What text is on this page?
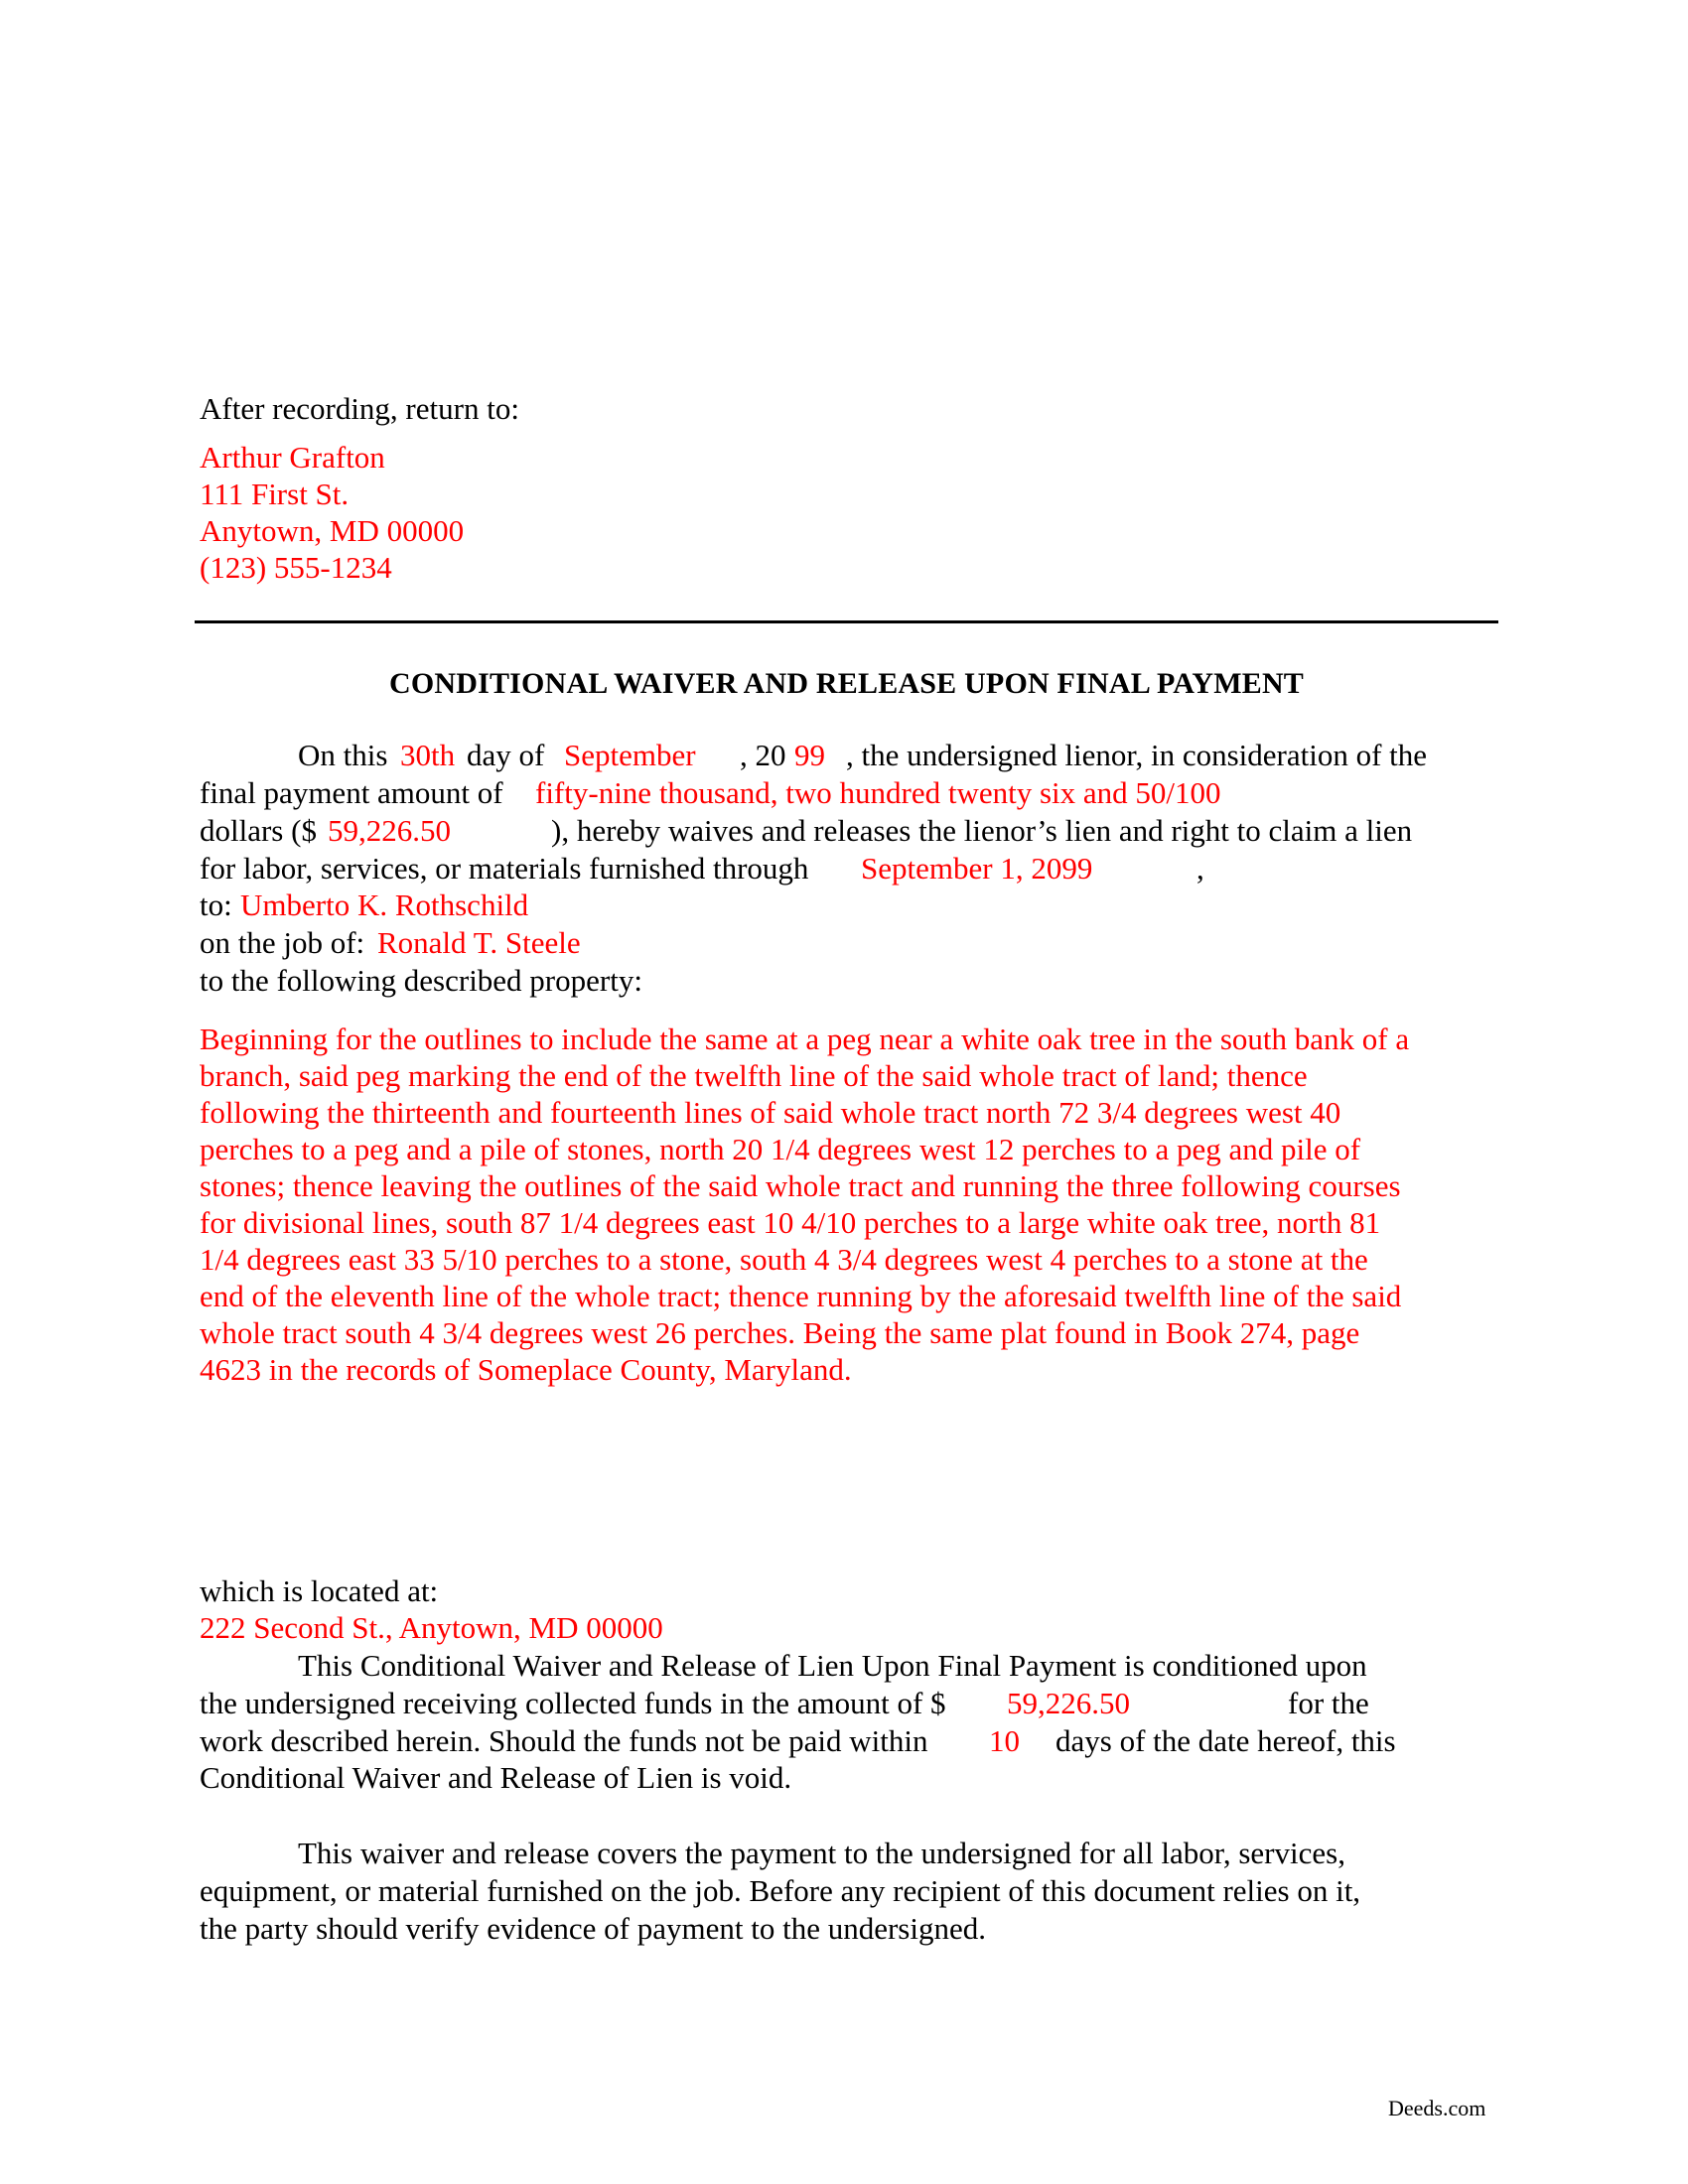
After recording, return to:
Arthur Grafton
111 First St.
Anytown, MD 00000
(123) 555-1234
CONDITIONAL WAIVER AND RELEASE UPON FINAL PAYMENT
On this 30th day of September , 20 99 , the undersigned lienor, in consideration of the
final payment amount of fifty-nine thousand, two hundred twenty six and 50/100
dollars ($ 59,226.50	), hereby waives and releases the lienor’s lien and right to claim a lien
for labor, services, or materials furnished through September 1, 2099	,
to: Umberto K. Rothschild
on the job of: Ronald T. Steele
to the following described property:
Beginning for the outlines to include the same at a peg near a white oak tree in the south bank of a
branch, said peg marking the end of the twelfth line of the said whole tract of land; thence
following the thirteenth and fourteenth lines of said whole tract north 72 3/4 degrees west 40
perches to a peg and a pile of stones, north 20 1/4 degrees west 12 perches to a peg and pile of
stones; thence leaving the outlines of the said whole tract and running the three following courses
for divisional lines, south 87 1/4 degrees east 10 4/10 perches to a large white oak tree, north 81
1/4 degrees east 33 5/10 perches to a stone, south 4 3/4 degrees west 4 perches to a stone at the
end of the eleventh line of the whole tract; thence running by the aforesaid twelfth line of the said
whole tract south 4 3/4 degrees west 26 perches. Being the same plat found in Book 274, page
4623 in the records of Someplace County, Maryland.
which is located at:
222 Second St., Anytown, MD 00000
This Conditional Waiver and Release of Lien Upon Final Payment is conditioned upon
the undersigned receiving collected funds in the amount of $ 59,226.50	for the
work described herein. Should the funds not be paid within 10 days of the date hereof, this
Conditional Waiver and Release of Lien is void.
This waiver and release covers the payment to the undersigned for all labor, services,
equipment, or material furnished on the job. Before any recipient of this document relies on it,
the party should verify evidence of payment to the undersigned.
Deeds.com
